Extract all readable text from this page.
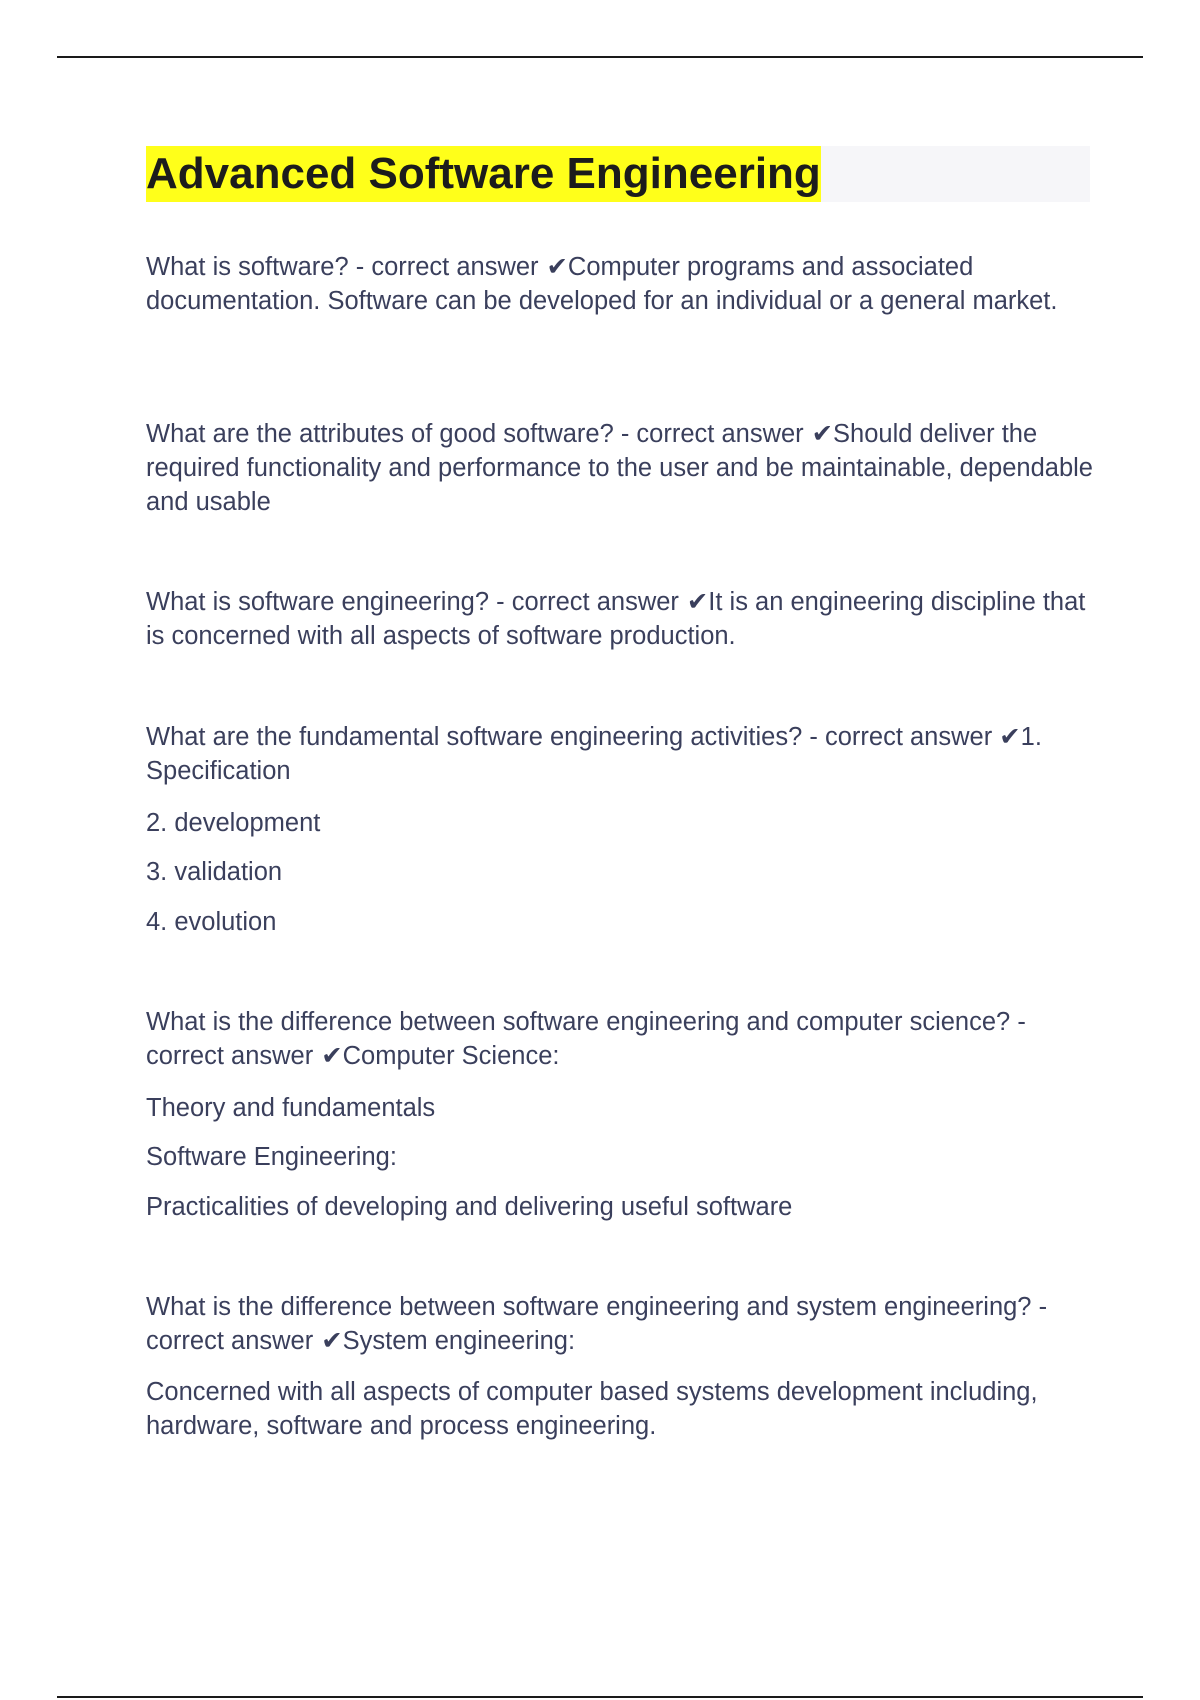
Advanced Software Engineering

What is software? - correct answer ✔Computer programs and associated documentation. Software can be developed for an individual or a general market.

What are the attributes of good software? - correct answer ✔Should deliver the required functionality and performance to the user and be maintainable, dependable and usable

What is software engineering? - correct answer ✔It is an engineering discipline that is concerned with all aspects of software production.

What are the fundamental software engineering activities? - correct answer ✔1. Specification

2. development

3. validation

4. evolution

What is the difference between software engineering and computer science? - correct answer ✔Computer Science:

Theory and fundamentals

Software Engineering:

Practicalities of developing and delivering useful software

What is the difference between software engineering and system engineering? - correct answer ✔System engineering:

Concerned with all aspects of computer based systems development including, hardware, software and process engineering.
